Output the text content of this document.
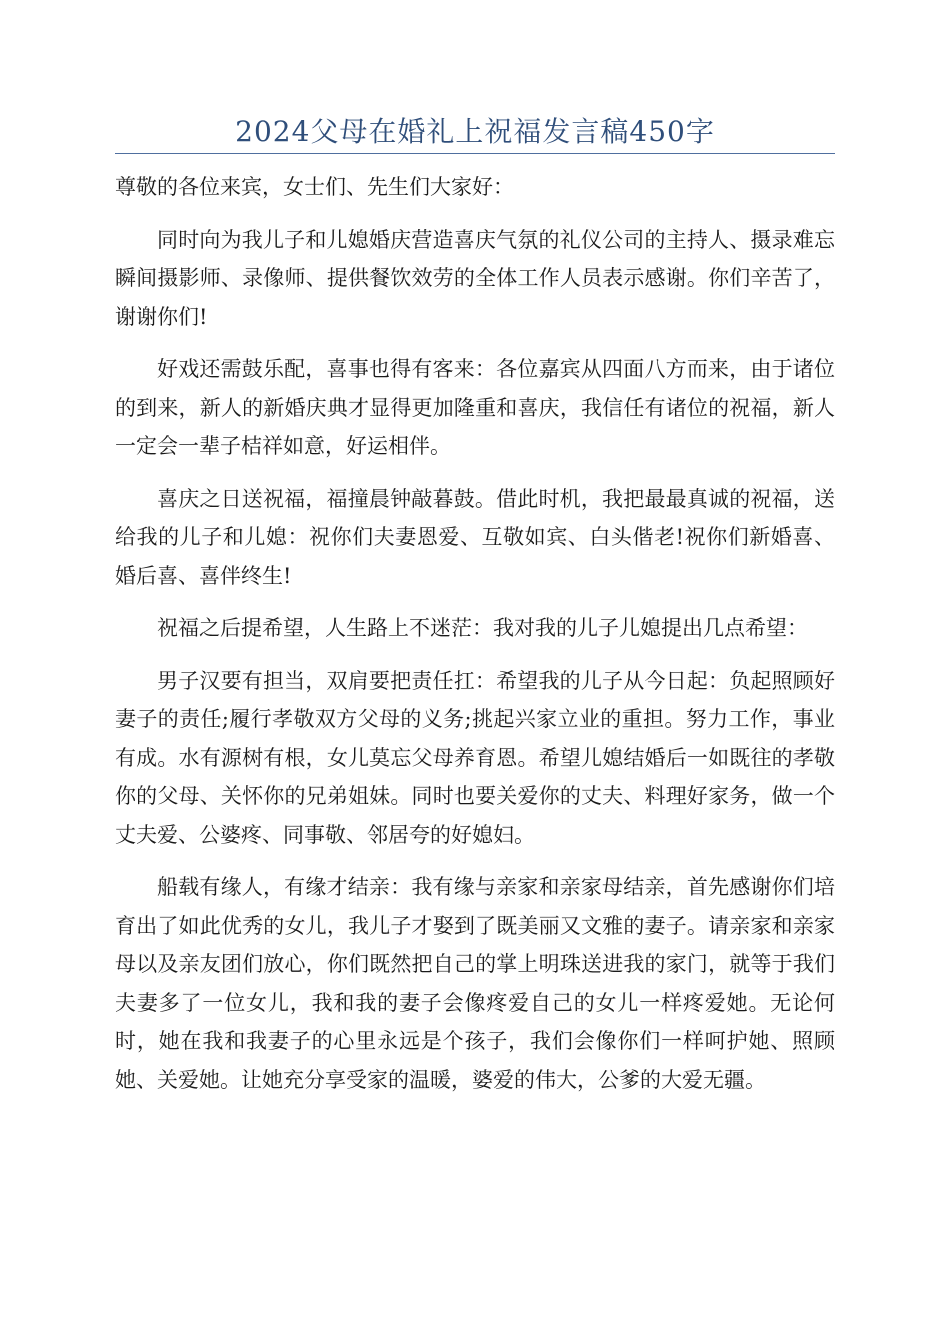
2024父母在婚礼上祝福发言稿450字

尊敬的各位来宾，女士们、先生们大家好：

同时向为我儿子和儿媳婚庆营造喜庆气氛的礼仪公司的主持人、摄录难忘瞬间摄影师、录像师、提供餐饮效劳的全体工作人员表示感谢。你们辛苦了，谢谢你们!

好戏还需鼓乐配，喜事也得有客来：各位嘉宾从四面八方而来，由于诸位的到来，新人的新婚庆典才显得更加隆重和喜庆，我信任有诸位的祝福，新人一定会一辈子桔祥如意，好运相伴。

喜庆之日送祝福，福撞晨钟敲暮鼓。借此时机，我把最最真诚的祝福，送给我的儿子和儿媳：祝你们夫妻恩爱、互敬如宾、白头偕老!祝你们新婚喜、婚后喜、喜伴终生!

祝福之后提希望，人生路上不迷茫：我对我的儿子儿媳提出几点希望：

男子汉要有担当，双肩要把责任扛：希望我的儿子从今日起：负起照顾好妻子的责任;履行孝敬双方父母的义务;挑起兴家立业的重担。努力工作，事业有成。水有源树有根，女儿莫忘父母养育恩。希望儿媳结婚后一如既往的孝敬你的父母、关怀你的兄弟姐妹。同时也要关爱你的丈夫、料理好家务，做一个丈夫爱、公婆疼、同事敬、邻居夸的好媳妇。

船载有缘人，有缘才结亲：我有缘与亲家和亲家母结亲，首先感谢你们培育出了如此优秀的女儿，我儿子才娶到了既美丽又文雅的妻子。请亲家和亲家母以及亲友团们放心，你们既然把自己的掌上明珠送进我的家门，就等于我们夫妻多了一位女儿，我和我的妻子会像疼爱自己的女儿一样疼爱她。无论何时，她在我和我妻子的心里永远是个孩子，我们会像你们一样呵护她、照顾她、关爱她。让她充分享受家的温暖，婆爱的伟大，公爹的大爱无疆。
